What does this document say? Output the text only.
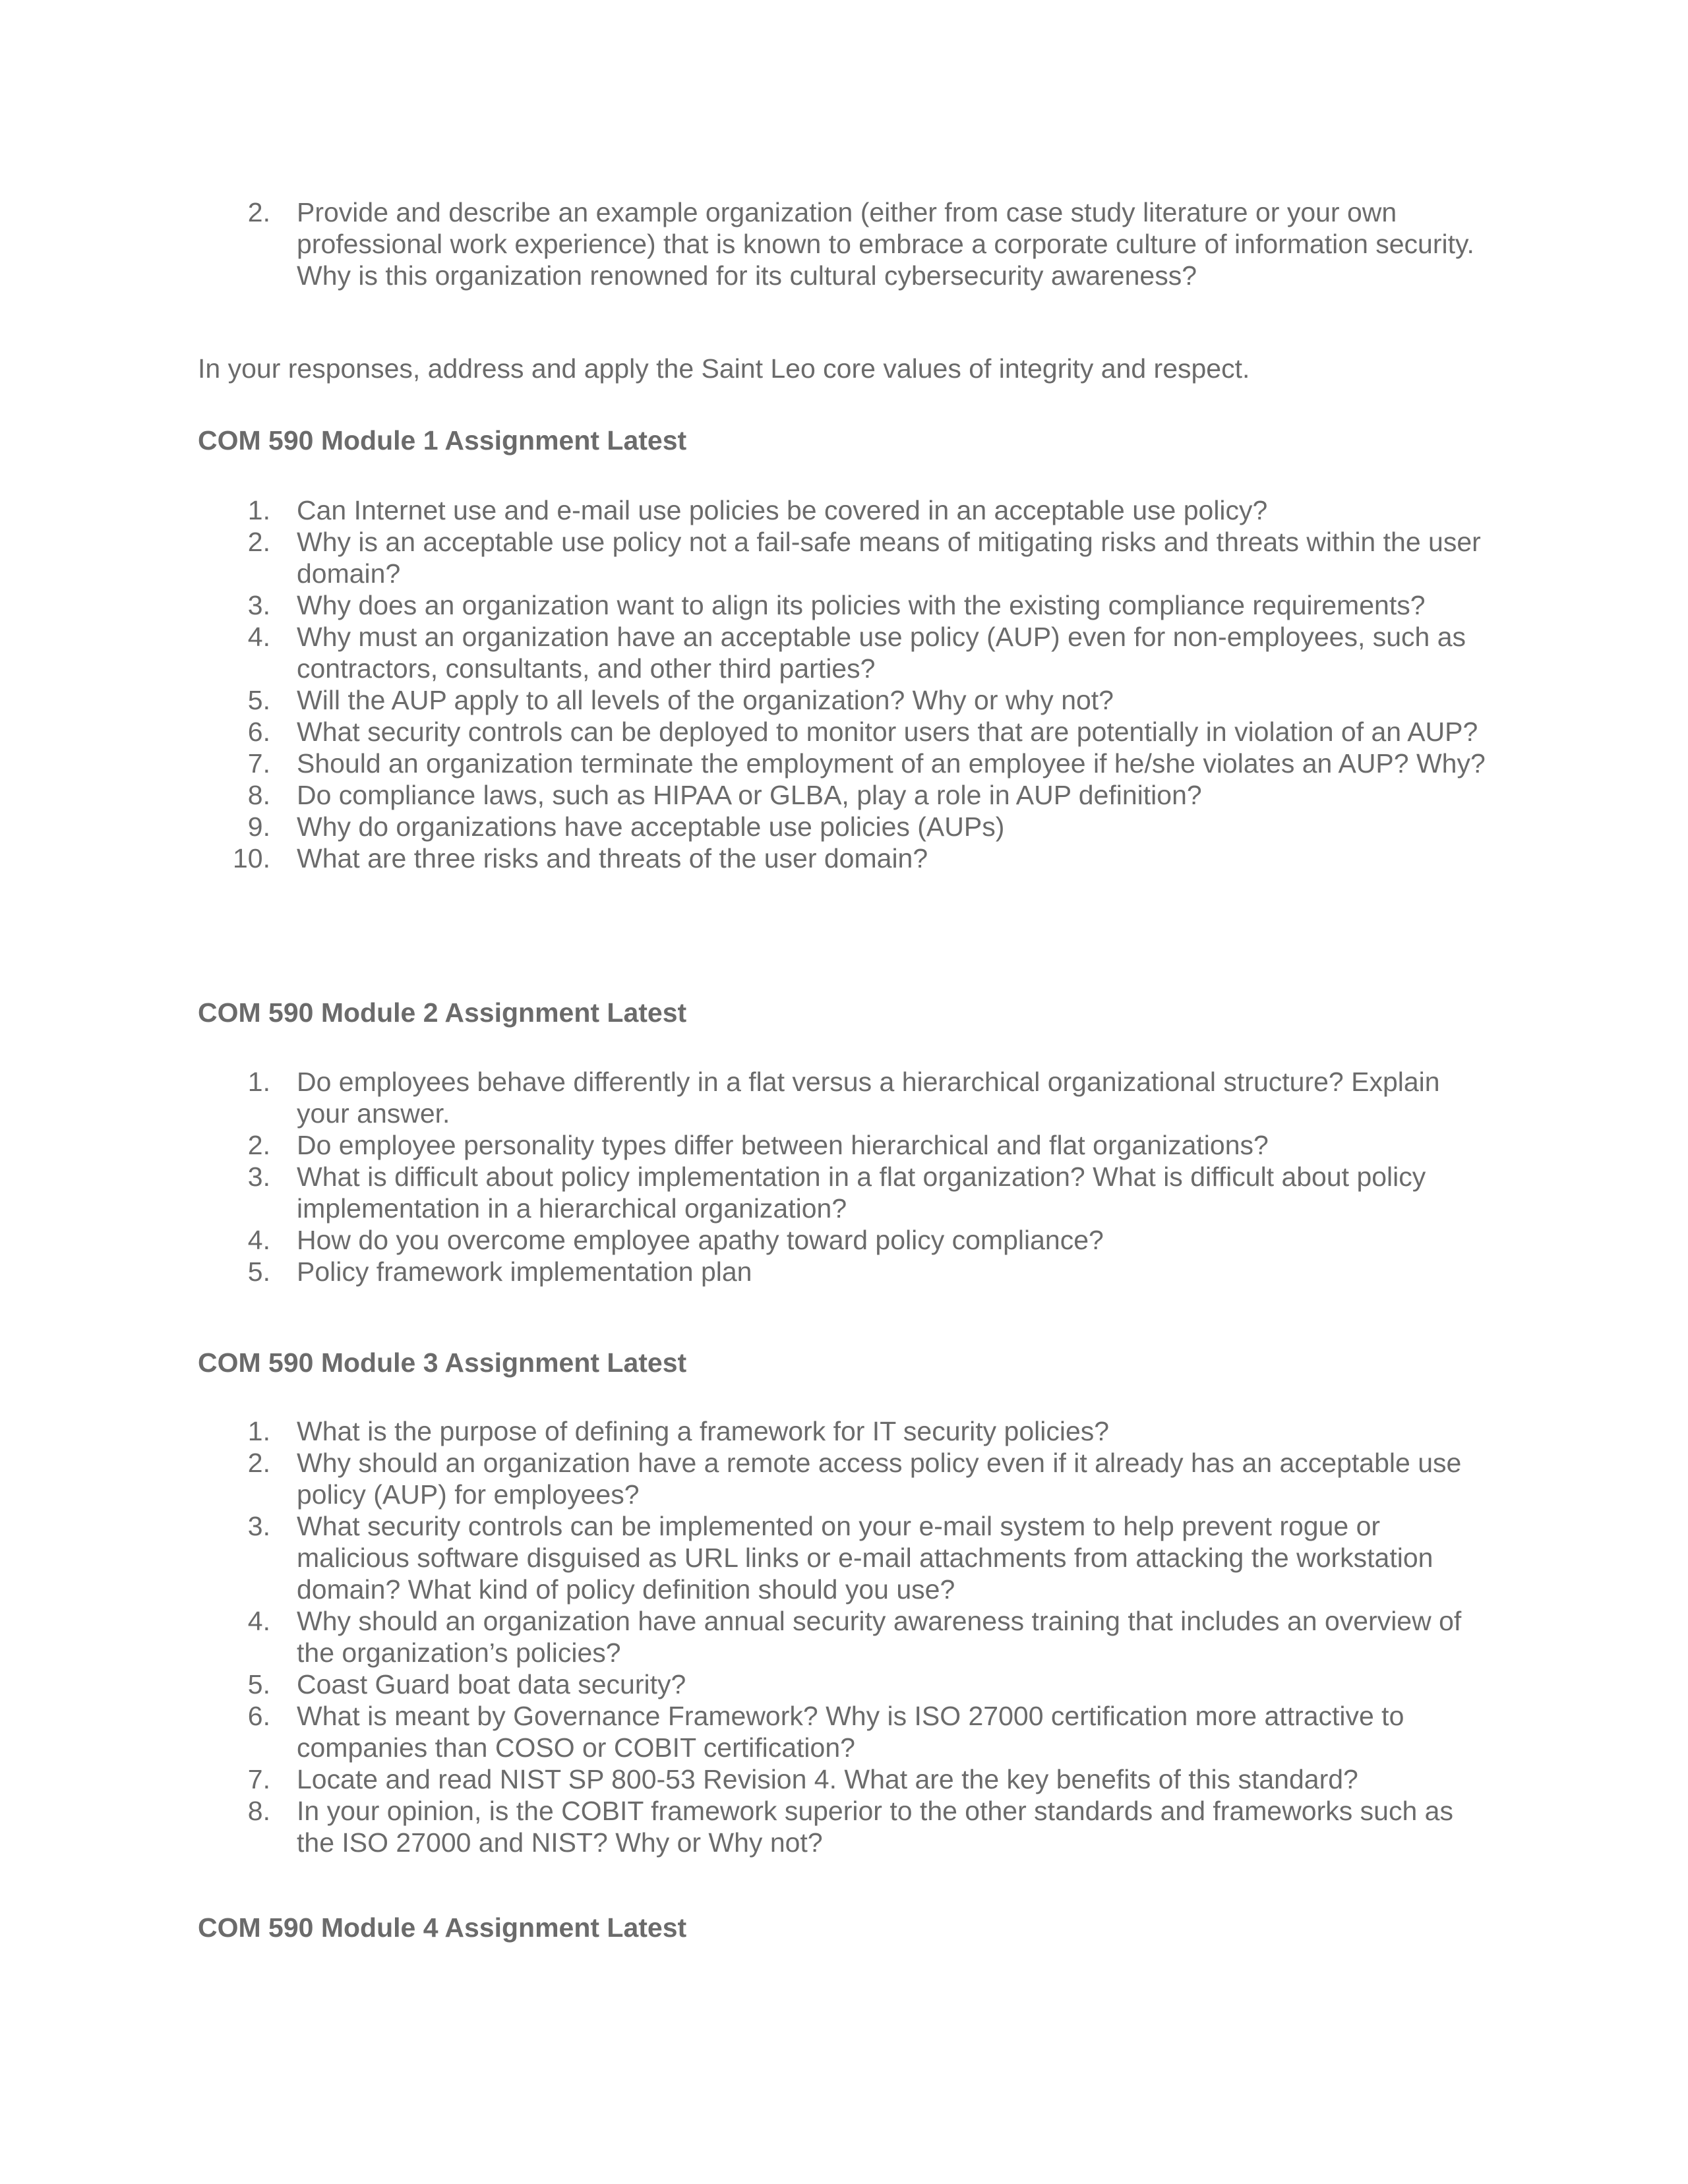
2. Provide and describe an example organization (either from case study literature or your own professional work experience) that is known to embrace a corporate culture of information security. Why is this organization renowned for its cultural cybersecurity awareness?

In your responses, address and apply the Saint Leo core values of integrity and respect.

COM 590 Module 1 Assignment Latest

1. Can Internet use and e-mail use policies be covered in an acceptable use policy?
2. Why is an acceptable use policy not a fail-safe means of mitigating risks and threats within the user domain?
3. Why does an organization want to align its policies with the existing compliance requirements?
4. Why must an organization have an acceptable use policy (AUP) even for non-employees, such as contractors, consultants, and other third parties?
5. Will the AUP apply to all levels of the organization? Why or why not?
6. What security controls can be deployed to monitor users that are potentially in violation of an AUP?
7. Should an organization terminate the employment of an employee if he/she violates an AUP? Why?
8. Do compliance laws, such as HIPAA or GLBA, play a role in AUP definition?
9. Why do organizations have acceptable use policies (AUPs)
10. What are three risks and threats of the user domain?

COM 590 Module 2 Assignment Latest

1. Do employees behave differently in a flat versus a hierarchical organizational structure? Explain your answer.
2. Do employee personality types differ between hierarchical and flat organizations?
3. What is difficult about policy implementation in a flat organization? What is difficult about policy implementation in a hierarchical organization?
4. How do you overcome employee apathy toward policy compliance?
5. Policy framework implementation plan

COM 590 Module 3 Assignment Latest

1. What is the purpose of defining a framework for IT security policies?
2. Why should an organization have a remote access policy even if it already has an acceptable use policy (AUP) for employees?
3. What security controls can be implemented on your e-mail system to help prevent rogue or malicious software disguised as URL links or e-mail attachments from attacking the workstation domain? What kind of policy definition should you use?
4. Why should an organization have annual security awareness training that includes an overview of the organization’s policies?
5. Coast Guard boat data security?
6. What is meant by Governance Framework? Why is ISO 27000 certification more attractive to companies than COSO or COBIT certification?
7. Locate and read NIST SP 800-53 Revision 4. What are the key benefits of this standard?
8. In your opinion, is the COBIT framework superior to the other standards and frameworks such as the ISO 27000 and NIST? Why or Why not?

COM 590 Module 4 Assignment Latest
